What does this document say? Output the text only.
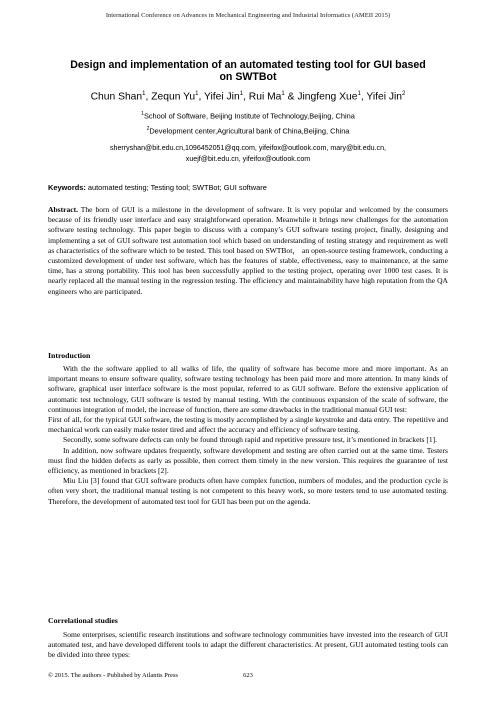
International Conference on Advances in Mechanical Engineering and Industrial Informatics (AMEII 2015)
Design and implementation of an automated testing tool for GUI based
on SWTBot
Chun Shan$^1$, Zequn Yu$^1$, Yifei Jin$^1$, Rui Ma$^1$ & Jingfeng Xue$^1$, Yifei Jin$^2$
$^1$School of Software, Beijing Institute of Technology,Beijing, China
$^2$Development center,Agricultural bank of China,Beijing, China
sherryshan@bit.edu.cn,1096452051@qq.com, yifeifox@outlook.com, mary@bit.edu.cn,
xuejf@bit.edu.cn, yifeifox@outlook.com
Keywords: automated testing; Testing tool; SWTBot; GUI software
Abstract. The born of GUI is a milestone in the development of software. It is very popular and welcomed by the consumers because of its friendly user interface and easy straightforward operation. Meanwhile it brings new challenges for the automation software testing technology. This paper begin to discuss with a company’s GUI software testing project, finally, designing and implementing a set of GUI software test automation tool which based on understanding of testing strategy and requirement as well as characteristics of the software which to be tested. This tool based on SWTBot， an open-source testing framework, conducting a customized development of under test software, which has the features of stable, effectiveness, easy to maintenance, at the same time, has a strong portability. This tool has been successfully applied to the testing project, operating over 1000 test cases. It is nearly replaced all the manual testing in the regression testing. The efficiency and maintainability have high reputation from the QA engineers who are participated.
Introduction
With the the software applied to all walks of life, the quality of software has become more and more important. As an important means to ensure software quality, software testing technology has been paid more and more attention. In many kinds of software, graphical user interface software is the most popular, referred to as GUI software. Before the extensive application of automatic test technology, GUI software is tested by manual testing. With the continuous expansion of the scale of software, the continuous integration of model, the increase of function, there are some drawbacks in the traditional manual GUI test:
First of all, for the typical GUI software, the testing is mostly accomplished by a single keystroke and data entry. The repetitive and mechanical work can easily make tester tired and affect the accuracy and efficiency of software testing.
Secondly, some software defects can only be found through rapid and repetitive pressure test, it’s mentioned in brackets [1].
In addition, now software updates frequently, software development and testing are often carried out at the same time. Testers must find the hidden defects as early as possible, then correct them timely in the new version. This requires the guarantee of test efficiency, as mentioned in brackets [2].
Miu Liu [3] found that GUI software products often have complex function, numbers of modules, and the production cycle is often very short, the traditional manual testing is not competent to this heavy work, so more testers tend to use automated testing. Therefore, the development of automated test tool for GUI has been put on the agenda.
Correlational studies
Some enterprises, scientific research institutions and software technology communities have invested into the research of GUI automated test, and have developed different tools to adapt the different characteristics. At present, GUI automated testing tools can be divided into three types:
© 2015. The authors - Published by Atlantis Press	623
